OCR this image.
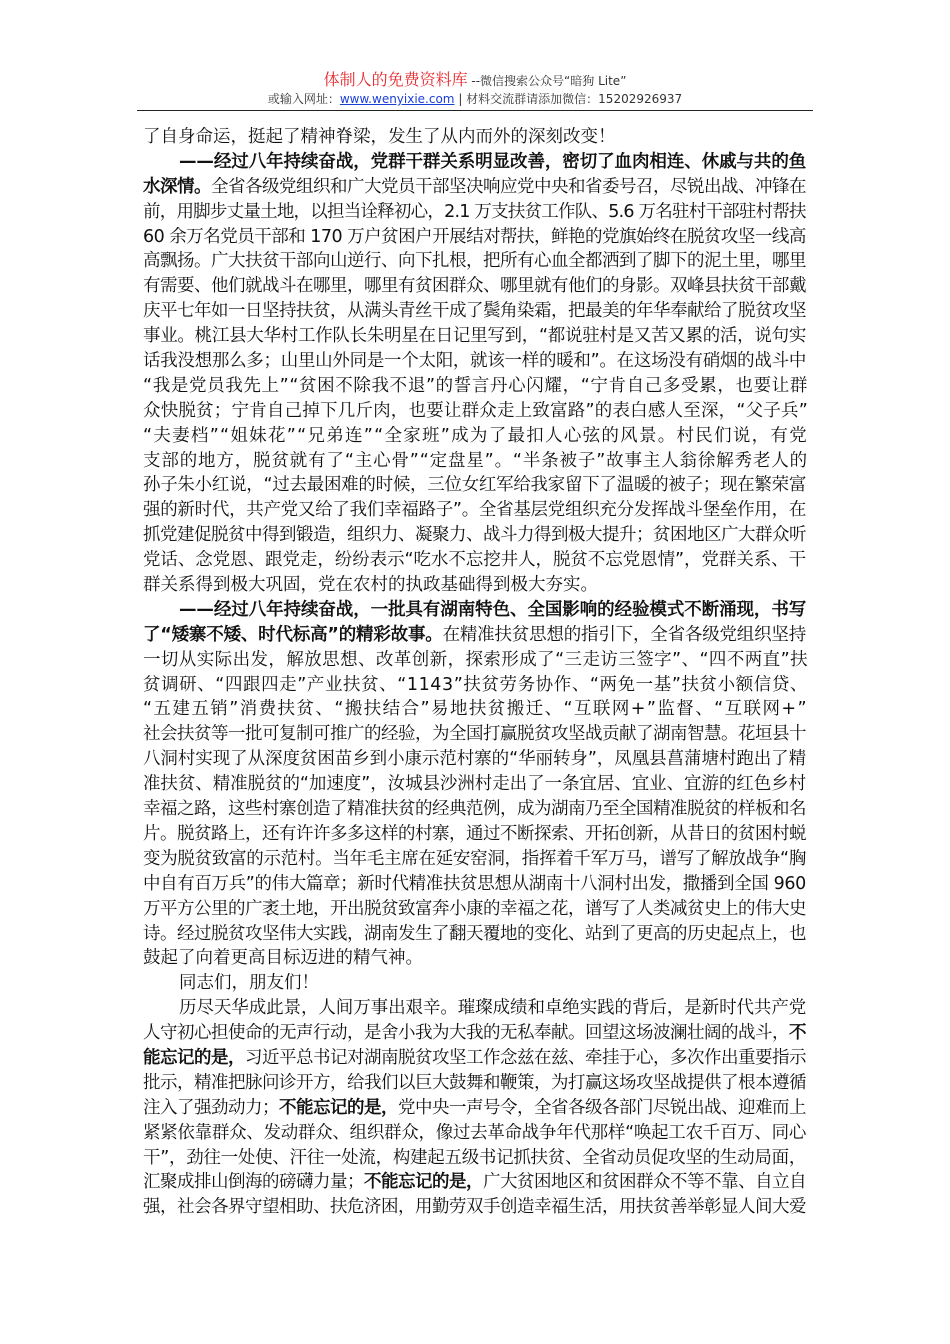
体制人的免费资料库 --微信搜索公众号“暗狗 Lite”
或输入网址：www.wenyixie.com | 材料交流群请添加微信：15202926937
了自身命运，挺起了精神脊梁，发生了从内而外的深刻改变！
——经过八年持续奋战，党群干群关系明显改善，密切了血肉相连、休戚与共的鱼
水深情。全省各级党组织和广大党员干部坚决响应党中央和省委号召，尽锐出战、冲锋在
前，用脚步丈量土地，以担当诠释初心，2.1 万支扶贫工作队、5.6 万名驻村干部驻村帮扶
60 余万名党员干部和 170 万户贫困户开展结对帮扶，鲜艳的党旗始终在脱贫攻坚一线高
高飘扬。广大扶贫干部向山逆行、向下扎根，把所有心血全都洒到了脚下的泥土里，哪里
有需要、他们就战斗在哪里，哪里有贫困群众、哪里就有他们的身影。双峰县扶贫干部戴
庆平七年如一日坚持扶贫，从满头青丝干成了鬓角染霜，把最美的年华奉献给了脱贫攻坚
事业。桃江县大华村工作队长朱明星在日记里写到，“都说驻村是又苦又累的活，说句实
话我没想那么多；山里山外同是一个太阳，就该一样的暖和”。在这场没有硝烟的战斗中
“我是党员我先上”“贫困不除我不退”的誓言丹心闪耀，“宁肯自己多受累，也要让群
众快脱贫；宁肯自己掉下几斤肉，也要让群众走上致富路”的表白感人至深，“父子兵”
“夫妻档”“姐妹花”“兄弟连”“全家班”成为了最扣人心弦的风景。村民们说，有党
支部的地方，脱贫就有了“主心骨”“定盘星”。“半条被子”故事主人翁徐解秀老人的
孙子朱小红说，“过去最困难的时候，三位女红军给我家留下了温暖的被子；现在繁荣富
强的新时代，共产党又给了我们幸福路子”。全省基层党组织充分发挥战斗堡垒作用，在
抓党建促脱贫中得到锻造，组织力、凝聚力、战斗力得到极大提升；贫困地区广大群众听
党话、念党恩、跟党走，纷纷表示“吃水不忘挖井人，脱贫不忘党恩情”，党群关系、干
群关系得到极大巩固，党在农村的执政基础得到极大夯实。
——经过八年持续奋战，一批具有湖南特色、全国影响的经验模式不断涌现，书写
了“矮寨不矮、时代标高”的精彩故事。在精准扶贫思想的指引下，全省各级党组织坚持
一切从实际出发，解放思想、改革创新，探索形成了“三走访三签字”、“四不两直”扶
贫调研、“四跟四走”产业扶贫、“1143”扶贫劳务协作、“两免一基”扶贫小额信贷、
“五建五销”消费扶贫、“搬扶结合”易地扶贫搬迁、“互联网+”监督、“互联网+”
社会扶贫等一批可复制可推广的经验，为全国打赢脱贫攻坚战贡献了湖南智慧。花垣县十
八洞村实现了从深度贫困苗乡到小康示范村寨的“华丽转身”，凤凰县菖蒲塘村跑出了精
准扶贫、精准脱贫的“加速度”，汝城县沙洲村走出了一条宜居、宜业、宜游的红色乡村
幸福之路，这些村寨创造了精准扶贫的经典范例，成为湖南乃至全国精准脱贫的样板和名
片。脱贫路上，还有许许多多这样的村寨，通过不断探索、开拓创新，从昔日的贫困村蜕
变为脱贫致富的示范村。当年毛主席在延安窑洞，指挥着千军万马，谱写了解放战争“胸
中自有百万兵”的伟大篇章；新时代精准扶贫思想从湖南十八洞村出发，撒播到全国 960
万平方公里的广袤土地，开出脱贫致富奔小康的幸福之花，谱写了人类减贫史上的伟大史
诗。经过脱贫攻坚伟大实践，湖南发生了翻天覆地的变化、站到了更高的历史起点上，也
鼓起了向着更高目标迈进的精气神。
同志们，朋友们！
历尽天华成此景，人间万事出艰辛。璀璨成绩和卓绝实践的背后，是新时代共产党
人守初心担使命的无声行动，是舍小我为大我的无私奉献。回望这场波澜壮阔的战斗，不
能忘记的是，习近平总书记对湖南脱贫攻坚工作念兹在兹、牵挂于心，多次作出重要指示
批示，精准把脉问诊开方，给我们以巨大鼓舞和鞭策，为打赢这场攻坚战提供了根本遵循
注入了强劲动力；不能忘记的是，党中央一声号令，全省各级各部门尽锐出战、迎难而上
紧紧依靠群众、发动群众、组织群众，像过去革命战争年代那样“唤起工农千百万、同心
干”，劲往一处使、汗往一处流，构建起五级书记抓扶贫、全省动员促攻坚的生动局面，
汇聚成排山倒海的磅礴力量；不能忘记的是，广大贫困地区和贫困群众不等不靠、自立自
强，社会各界守望相助、扶危济困，用勤劳双手创造幸福生活，用扶贫善举彰显人间大爱
